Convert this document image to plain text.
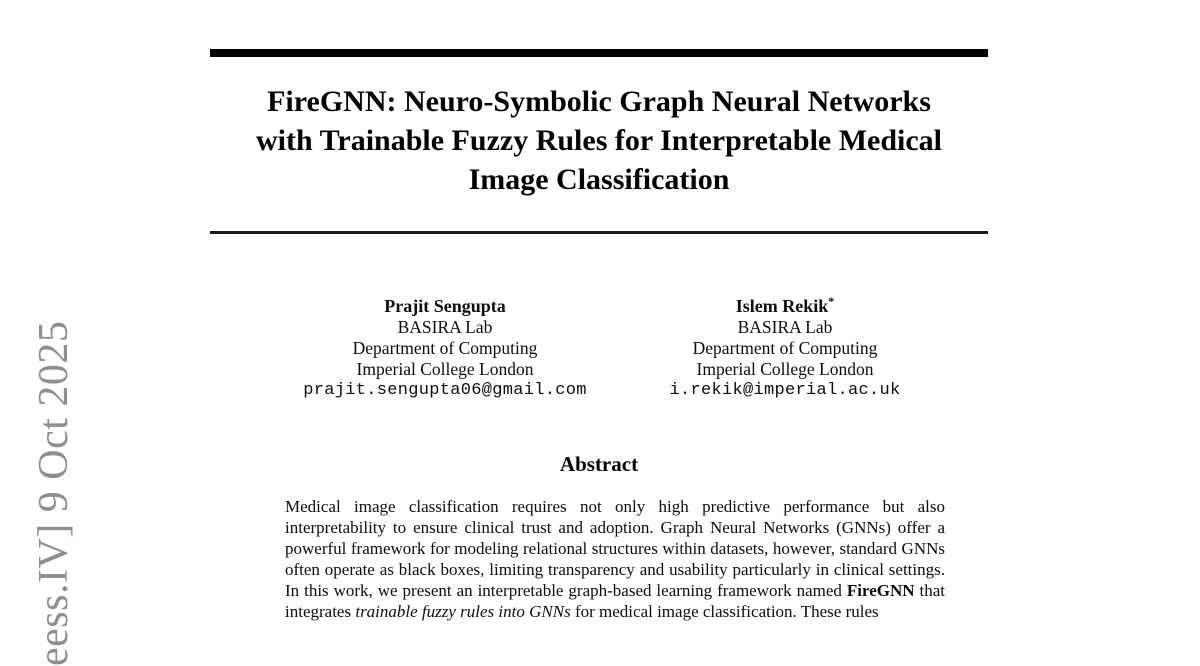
eess.IV] 9 Oct 2025
FireGNN: Neuro-Symbolic Graph Neural Networks
with Trainable Fuzzy Rules for Interpretable Medical
Image Classification
Prajit Sengupta
BASIRA Lab
Department of Computing
Imperial College London
prajit.sengupta06@gmail.com
Islem Rekik*
BASIRA Lab
Department of Computing
Imperial College London
i.rekik@imperial.ac.uk
Abstract
Medical image classification requires not only high predictive performance but also interpretability to ensure clinical trust and adoption. Graph Neural Networks (GNNs) offer a powerful framework for modeling relational structures within datasets, however, standard GNNs often operate as black boxes, limiting transparency and usability particularly in clinical settings. In this work, we present an interpretable graph-based learning framework named FireGNN that integrates trainable fuzzy rules into GNNs for medical image classification. These rules
